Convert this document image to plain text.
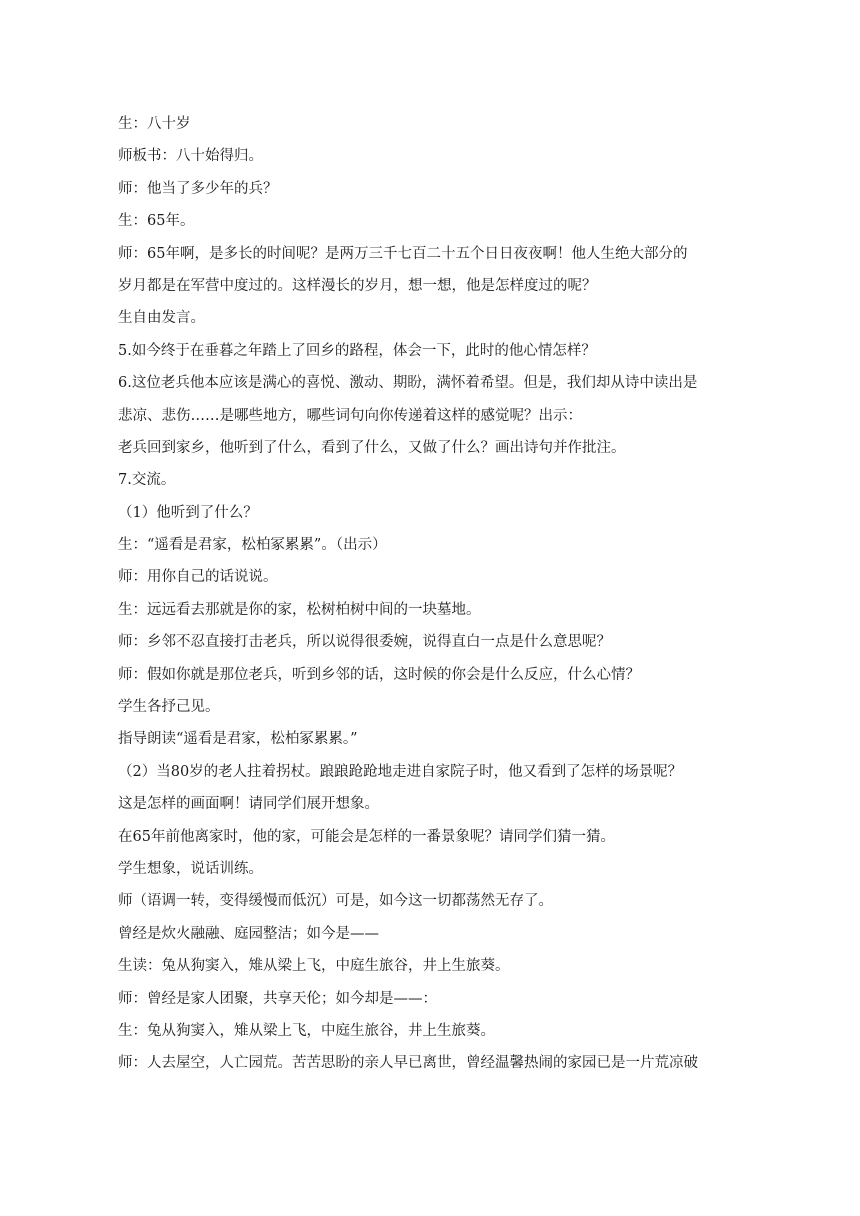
生：八十岁
师板书：八十始得归。
师：他当了多少年的兵？
生：65年。
师：65年啊，是多长的时间呢？是两万三千七百二十五个日日夜夜啊！他人生绝大部分的
岁月都是在军营中度过的。这样漫长的岁月，想一想，他是怎样度过的呢？
生自由发言。
5.如今终于在垂暮之年踏上了回乡的路程，体会一下，此时的他心情怎样？
6.这位老兵他本应该是满心的喜悦、激动、期盼，满怀着希望。但是，我们却从诗中读出是
悲凉、悲伤……是哪些地方，哪些词句向你传递着这样的感觉呢？出示：
老兵回到家乡，他听到了什么，看到了什么，又做了什么？画出诗句并作批注。
7.交流。
（1）他听到了什么？
生：“遥看是君家，松柏冢累累”。（出示）
师：用你自己的话说说。
生：远远看去那就是你的家，松树柏树中间的一块墓地。
师：乡邻不忍直接打击老兵，所以说得很委婉，说得直白一点是什么意思呢？
师：假如你就是那位老兵，听到乡邻的话，这时候的你会是什么反应，什么心情？
学生各抒己见。
指导朗读“遥看是君家，松柏冢累累。”
（2）当80岁的老人拄着拐杖。踉踉跄跄地走进自家院子时，他又看到了怎样的场景呢？
这是怎样的画面啊！请同学们展开想象。
在65年前他离家时，他的家，可能会是怎样的一番景象呢？请同学们猜一猜。
学生想象，说话训练。
师（语调一转，变得缓慢而低沉）可是，如今这一切都荡然无存了。
曾经是炊火融融、庭园整洁；如今是——
生读：兔从狗窦入，雉从梁上飞，中庭生旅谷，井上生旅葵。
师：曾经是家人团聚，共享天伦；如今却是——：
生：兔从狗窦入，雉从梁上飞，中庭生旅谷，井上生旅葵。
师：人去屋空，人亡园荒。苦苦思盼的亲人早已离世，曾经温馨热闹的家园已是一片荒凉破
